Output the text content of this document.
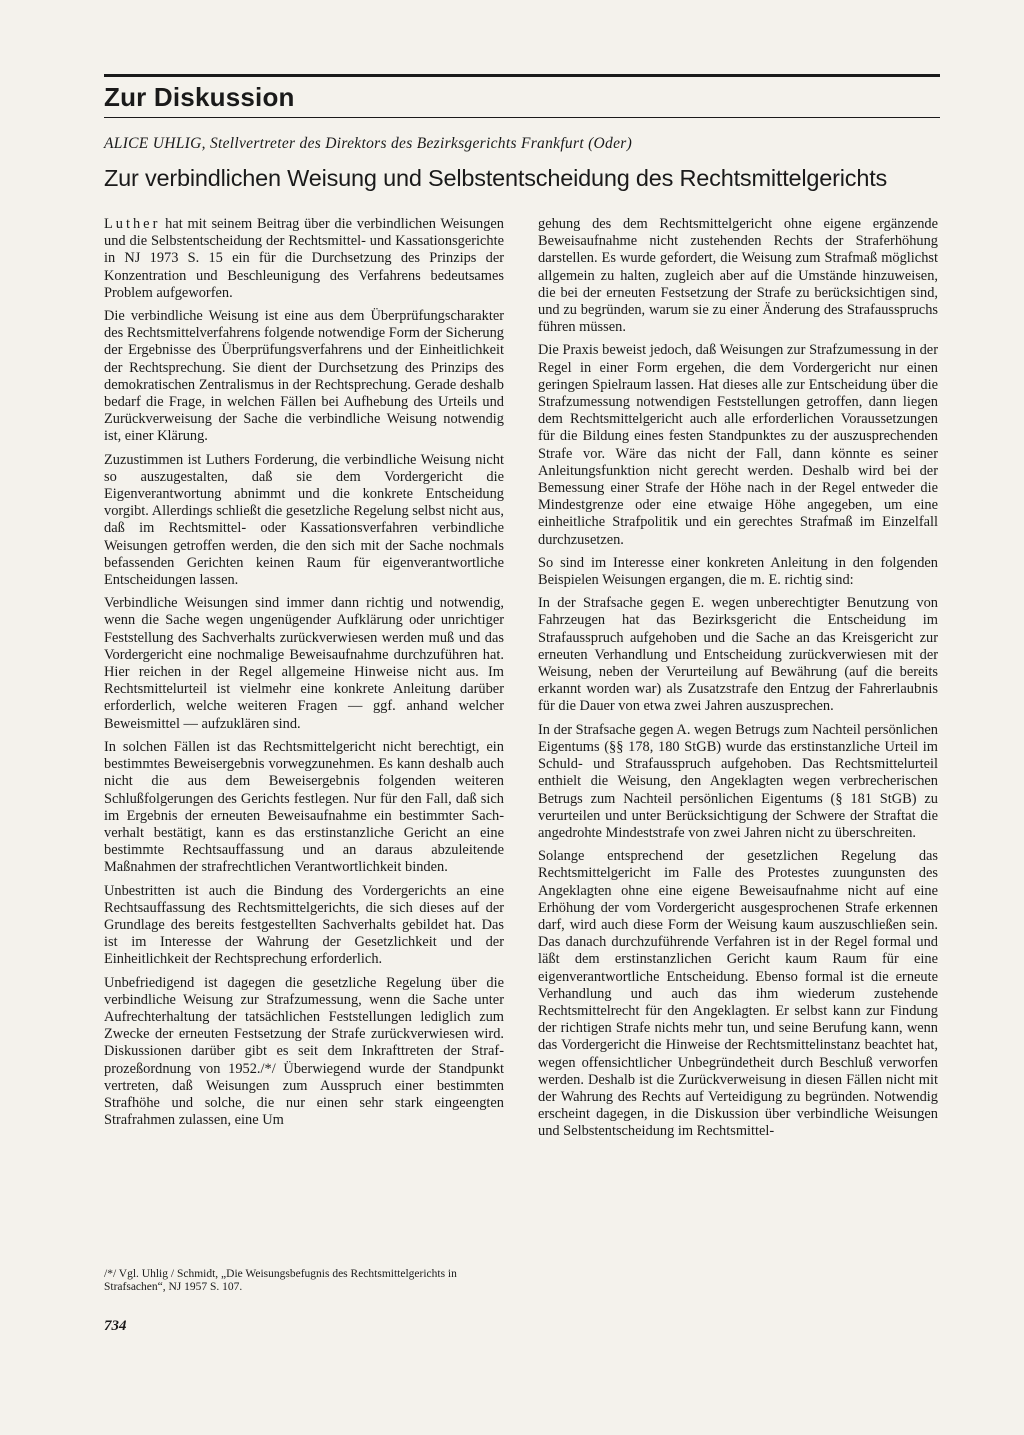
Zur Diskussion
ALICE UHLIG, Stellvertreter des Direktors des Bezirksgerichts Frankfurt (Oder)
Zur verbindlichen Weisung und Selbstentscheidung des Rechtsmittelgerichts

Luther hat mit seinem Beitrag über die verbindlichen Weisungen und die Selbstentscheidung der Rechtsmittel- und Kassationsgerichte in NJ 1973 S. 15 ein für die Durchsetzung des Prinzips der Konzentration und Beschleunigung des Verfahrens bedeutsames Problem aufgeworfen.

Die verbindliche Weisung ist eine aus dem Überprüfungscharakter des Rechtsmittelverfahrens folgende notwendige Form der Sicherung der Ergebnisse des Überprüfungsverfahrens und der Einheitlichkeit der Rechtsprechung. Sie dient der Durchsetzung des Prinzips des demokratischen Zentralismus in der Rechtsprechung. Gerade deshalb bedarf die Frage, in welchen Fällen bei Aufhebung des Urteils und Zurückverweisung der Sache die verbindliche Weisung notwendig ist, einer Klärung.

Zuzustimmen ist Luthers Forderung, die verbindliche Weisung nicht so auszugestalten, daß sie dem Vordergericht die Eigenverantwortung abnimmt und die konkrete Entscheidung vorgibt. Allerdings schließt die gesetzliche Regelung selbst nicht aus, daß im Rechtsmittel- oder Kassationsverfahren verbindliche Weisungen getroffen werden, die den sich mit der Sache nochmals befassenden Gerichten keinen Raum für eigenverantwortliche Entscheidungen lassen.

Verbindliche Weisungen sind immer dann richtig und notwendig, wenn die Sache wegen ungenügender Aufklärung oder unrichtiger Feststellung des Sachverhalts zurückverwiesen werden muß und das Vordergericht eine nochmalige Beweisaufnahme durchzuführen hat. Hier reichen in der Regel allgemeine Hinweise nicht aus. Im Rechtsmittelurteil ist vielmehr eine konkrete Anleitung darüber erforderlich, welche weiteren Fragen — ggf. anhand welcher Beweismittel — aufzuklären sind.

In solchen Fällen ist das Rechtsmittelgericht nicht berechtigt, ein bestimmtes Beweisergebnis vorwegzunehmen. Es kann deshalb auch nicht die aus dem Beweisergebnis folgenden weiteren Schlußfolgerungen des Gerichts festlegen. Nur für den Fall, daß sich im Ergebnis der erneuten Beweisaufnahme ein bestimmter Sachverhalt bestätigt, kann es das erstinstanzliche Gericht an eine bestimmte Rechtsauffassung und an daraus abzuleitende Maßnahmen der strafrechtlichen Verantwortlichkeit binden.

Unbestritten ist auch die Bindung des Vordergerichts an eine Rechtsauffassung des Rechtsmittelgerichts, die sich dieses auf der Grundlage des bereits festgestellten Sachverhalts gebildet hat. Das ist im Interesse der Wahrung der Gesetzlichkeit und der Einheitlichkeit der Rechtsprechung erforderlich.

Unbefriedigend ist dagegen die gesetzliche Regelung über die verbindliche Weisung zur Strafzumessung, wenn die Sache unter Aufrechterhaltung der tatsächlichen Feststellungen lediglich zum Zwecke der erneuten Festsetzung der Strafe zurückverwiesen wird. Diskussionen darüber gibt es seit dem Inkrafttreten der Strafprozeßordnung von 1952./*/ Überwiegend wurde der Standpunkt vertreten, daß Weisungen zum Ausspruch einer bestimmten Strafhöhe und solche, die nur einen sehr stark eingeengten Strafrahmen zulassen, eine Um

gehung des dem Rechtsmittelgericht ohne eigene ergänzende Beweisaufnahme nicht zustehenden Rechts der Straferhöhung darstellen. Es wurde gefordert, die Weisung zum Strafmaß möglichst allgemein zu halten, zugleich aber auf die Umstände hinzuweisen, die bei der erneuten Festsetzung der Strafe zu berücksichtigen sind, und zu begründen, warum sie zu einer Änderung des Strafausspruchs führen müssen.

Die Praxis beweist jedoch, daß Weisungen zur Strafzumessung in der Regel in einer Form ergehen, die dem Vordergericht nur einen geringen Spielraum lassen. Hat dieses alle zur Entscheidung über die Strafzumessung notwendigen Feststellungen getroffen, dann liegen dem Rechtsmittelgericht auch alle erforderlichen Voraussetzungen für die Bildung eines festen Standpunktes zu der auszusprechenden Strafe vor. Wäre das nicht der Fall, dann könnte es seiner Anleitungsfunktion nicht gerecht werden. Deshalb wird bei der Bemessung einer Strafe der Höhe nach in der Regel entweder die Mindestgrenze oder eine etwaige Höhe angegeben, um eine einheitliche Strafpolitik und ein gerechtes Strafmaß im Einzelfall durchzusetzen.

So sind im Interesse einer konkreten Anleitung in den folgenden Beispielen Weisungen ergangen, die m. E. richtig sind:

In der Strafsache gegen E. wegen unberechtigter Benutzung von Fahrzeugen hat das Bezirksgericht die Entscheidung im Strafausspruch aufgehoben und die Sache an das Kreisgericht zur erneuten Verhandlung und Entscheidung zurückverwiesen mit der Weisung, neben der Verurteilung auf Bewährung (auf die bereits erkannt worden war) als Zusatzstrafe den Entzug der Fahrerlaubnis für die Dauer von etwa zwei Jahren auszusprechen.

In der Strafsache gegen A. wegen Betrugs zum Nachteil persönlichen Eigentums (§§ 178, 180 StGB) wurde das erstinstanzliche Urteil im Schuld- und Strafausspruch aufgehoben. Das Rechtsmittelurteil enthielt die Weisung, den Angeklagten wegen verbrecherischen Betrugs zum Nachteil persönlichen Eigentums (§ 181 StGB) zu verurteilen und unter Berücksichtigung der Schwere der Straftat die angedrohte Mindeststrafe von zwei Jahren nicht zu überschreiten.

Solange entsprechend der gesetzlichen Regelung das Rechtsmittelgericht im Falle des Protestes zuungunsten des Angeklagten ohne eine eigene Beweisaufnahme nicht auf eine Erhöhung der vom Vordergericht ausgesprochenen Strafe erkennen darf, wird auch diese Form der Weisung kaum auszuschließen sein. Das danach durchzuführende Verfahren ist in der Regel formal und läßt dem erstinstanzlichen Gericht kaum Raum für eine eigenverantwortliche Entscheidung. Ebenso formal ist die erneute Verhandlung und auch das ihm wiederum zustehende Rechtsmittelrecht für den Angeklagten. Er selbst kann zur Findung der richtigen Strafe nichts mehr tun, und seine Berufung kann, wenn das Vordergericht die Hinweise der Rechtsmittelinstanz beachtet hat, wegen offensichtlicher Unbegründetheit durch Beschluß verworfen werden. Deshalb ist die Zurückverweisung in diesen Fällen nicht mit der Wahrung des Rechts auf Verteidigung zu begründen. Notwendig erscheint dagegen, in die Diskussion über verbindliche Weisungen und Selbstentscheidung im Rechtsmittel-

/*/ Vgl. Uhlig / Schmidt, „Die Weisungsbefugnis des Rechtsmittelgerichts in Strafsachen“, NJ 1957 S. 107.
734
